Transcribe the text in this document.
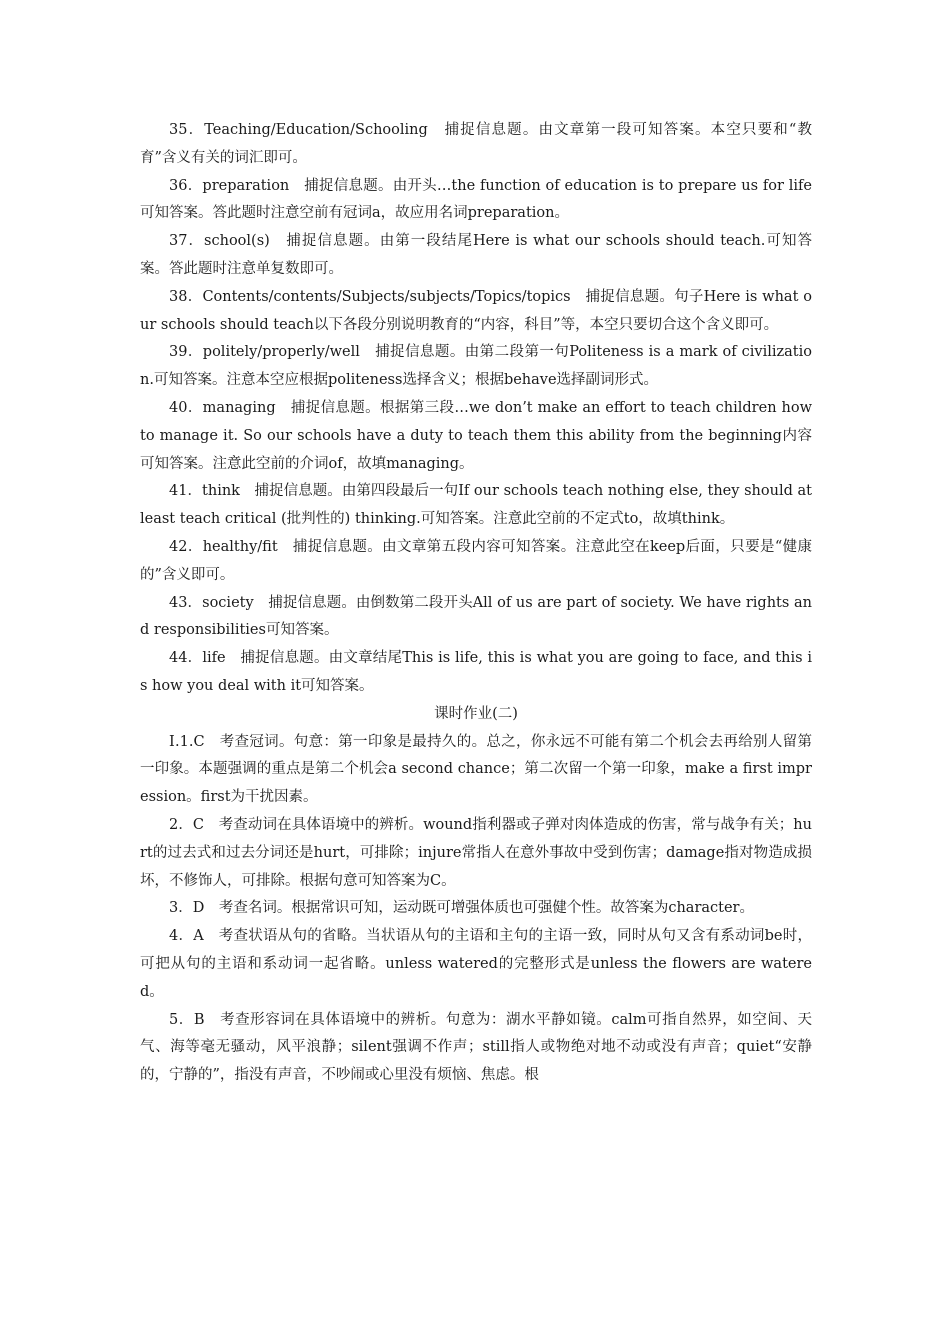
35．Teaching/Education/Schooling　捕捉信息题。由文章第一段可知答案。本空只要和“教育”含义有关的词汇即可。

36．preparation　捕捉信息题。由开头…the function of education is to prepare us for life可知答案。答此题时注意空前有冠词a，故应用名词preparation。

37．school(s)　捕捉信息题。由第一段结尾Here is what our schools should teach.可知答案。答此题时注意单复数即可。

38．Contents/contents/Subjects/subjects/Topics/topics　捕捉信息题。句子Here is what our schools should teach以下各段分别说明教育的“内容，科目”等，本空只要切合这个含义即可。

39．politely/properly/well　捕捉信息题。由第二段第一句Politeness is a mark of civilization.可知答案。注意本空应根据politeness选择含义；根据behave选择副词形式。

40．managing　捕捉信息题。根据第三段…we don’t make an effort to teach children how to manage it. So our schools have a duty to teach them this ability from the beginning内容可知答案。注意此空前的介词of，故填managing。

41．think　捕捉信息题。由第四段最后一句If our schools teach nothing else, they should at least teach critical (批判性的) thinking.可知答案。注意此空前的不定式to，故填think。

42．healthy/fit　捕捉信息题。由文章第五段内容可知答案。注意此空在keep后面，只要是“健康的”含义即可。

43．society　捕捉信息题。由倒数第二段开头All of us are part of society. We have rights and responsibilities可知答案。

44．life　捕捉信息题。由文章结尾This is life, this is what you are going to face, and this is how you deal with it可知答案。

课时作业(二)

Ⅰ.1.C　考查冠词。句意：第一印象是最持久的。总之，你永远不可能有第二个机会去再给别人留第一印象。本题强调的重点是第二个机会a second chance；第二次留一个第一印象，make a first impression。first为干扰因素。

2．C　考查动词在具体语境中的辨析。wound指利器或子弹对肉体造成的伤害，常与战争有关；hurt的过去式和过去分词还是hurt，可排除；injure常指人在意外事故中受到伤害；damage指对物造成损坏，不修饰人，可排除。根据句意可知答案为C。

3．D　考查名词。根据常识可知，运动既可增强体质也可强健个性。故答案为character。

4．A　考查状语从句的省略。当状语从句的主语和主句的主语一致，同时从句又含有系动词be时，可把从句的主语和系动词一起省略。unless watered的完整形式是unless the flowers are watered。

5．B　考查形容词在具体语境中的辨析。句意为：湖水平静如镜。calm可指自然界，如空间、天气、海等毫无骚动，风平浪静；silent强调不作声；still指人或物绝对地不动或没有声音；quiet“安静的，宁静的”，指没有声音，不吵闹或心里没有烦恼、焦虑。根
